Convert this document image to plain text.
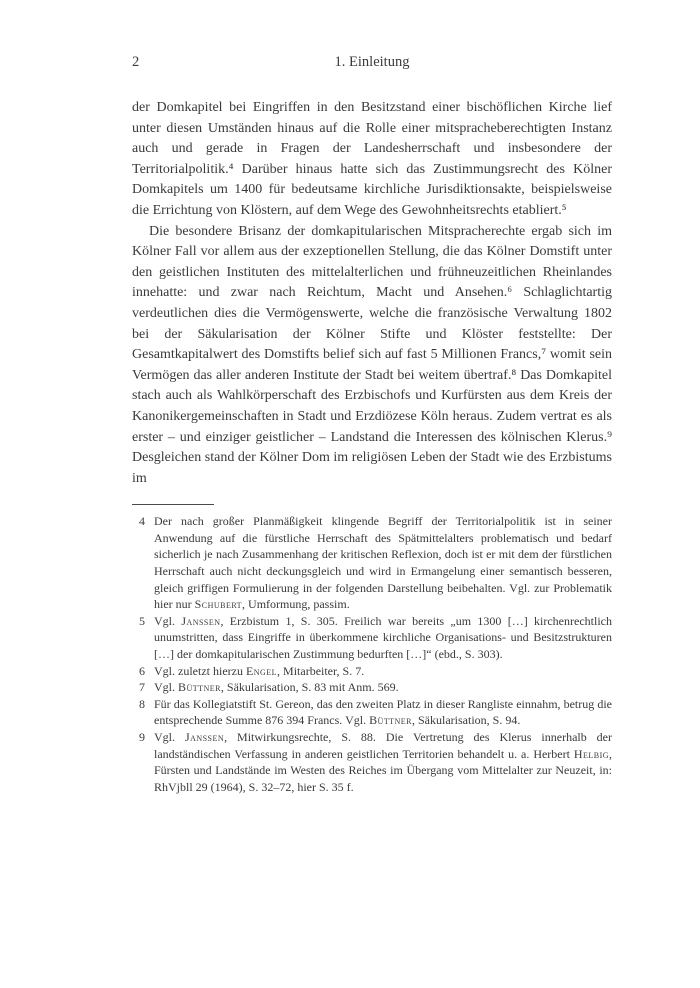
2	1. Einleitung

der Domkapitel bei Eingriffen in den Besitzstand einer bischöflichen Kirche lief unter diesen Umständen hinaus auf die Rolle einer mitspracheberechtigten Instanz auch und gerade in Fragen der Landesherrschaft und insbesondere der Territorialpolitik.⁴ Darüber hinaus hatte sich das Zustimmungsrecht des Kölner Domkapitels um 1400 für bedeutsame kirchliche Jurisdiktionsakte, beispielsweise die Errichtung von Klöstern, auf dem Wege des Gewohnheitsrechts etabliert.⁵

Die besondere Brisanz der domkapitularischen Mitspracherechte ergab sich im Kölner Fall vor allem aus der exzeptionellen Stellung, die das Kölner Domstift unter den geistlichen Instituten des mittelalterlichen und frühneuzeitlichen Rheinlandes innehatte: und zwar nach Reichtum, Macht und Ansehen.⁶ Schlaglichtartig verdeutlichen dies die Vermögenswerte, welche die französische Verwaltung 1802 bei der Säkularisation der Kölner Stifte und Klöster feststellte: Der Gesamtkapitalwert des Domstifts belief sich auf fast 5 Millionen Francs,⁷ womit sein Vermögen das aller anderen Institute der Stadt bei weitem übertraf.⁸ Das Domkapitel stach auch als Wahlkörperschaft des Erzbischofs und Kurfürsten aus dem Kreis der Kanonikergemeinschaften in Stadt und Erzdiözese Köln heraus. Zudem vertrat es als erster – und einziger geistlicher – Landstand die Interessen des kölnischen Klerus.⁹ Desgleichen stand der Kölner Dom im religiösen Leben der Stadt wie des Erzbistums im

4 Der nach großer Planmäßigkeit klingende Begriff der Territorialpolitik ist in seiner Anwendung auf die fürstliche Herrschaft des Spätmittelalters problematisch und bedarf sicherlich je nach Zusammenhang der kritischen Reflexion, doch ist er mit dem der fürstlichen Herrschaft auch nicht deckungsgleich und wird in Ermangelung einer semantisch besseren, gleich griffigen Formulierung in der folgenden Darstellung beibehalten. Vgl. zur Problematik hier nur Schubert, Umformung, passim.
5 Vgl. Janssen, Erzbistum 1, S. 305. Freilich war bereits „um 1300 […] kirchenrechtlich unumstritten, dass Eingriffe in überkommene kirchliche Organisations- und Besitzstrukturen […] der domkapitularischen Zustimmung bedurften […]“ (ebd., S. 303).
6 Vgl. zuletzt hierzu Engel, Mitarbeiter, S. 7.
7 Vgl. Büttner, Säkularisation, S. 83 mit Anm. 569.
8 Für das Kollegiatstift St. Gereon, das den zweiten Platz in dieser Rangliste einnahm, betrug die entsprechende Summe 876 394 Francs. Vgl. Büttner, Säkularisation, S. 94.
9 Vgl. Janssen, Mitwirkungsrechte, S. 88. Die Vertretung des Klerus innerhalb der landständischen Verfassung in anderen geistlichen Territorien behandelt u. a. Herbert Helbig, Fürsten und Landstände im Westen des Reiches im Übergang vom Mittelalter zur Neuzeit, in: RhVjbll 29 (1964), S. 32–72, hier S. 35 f.
